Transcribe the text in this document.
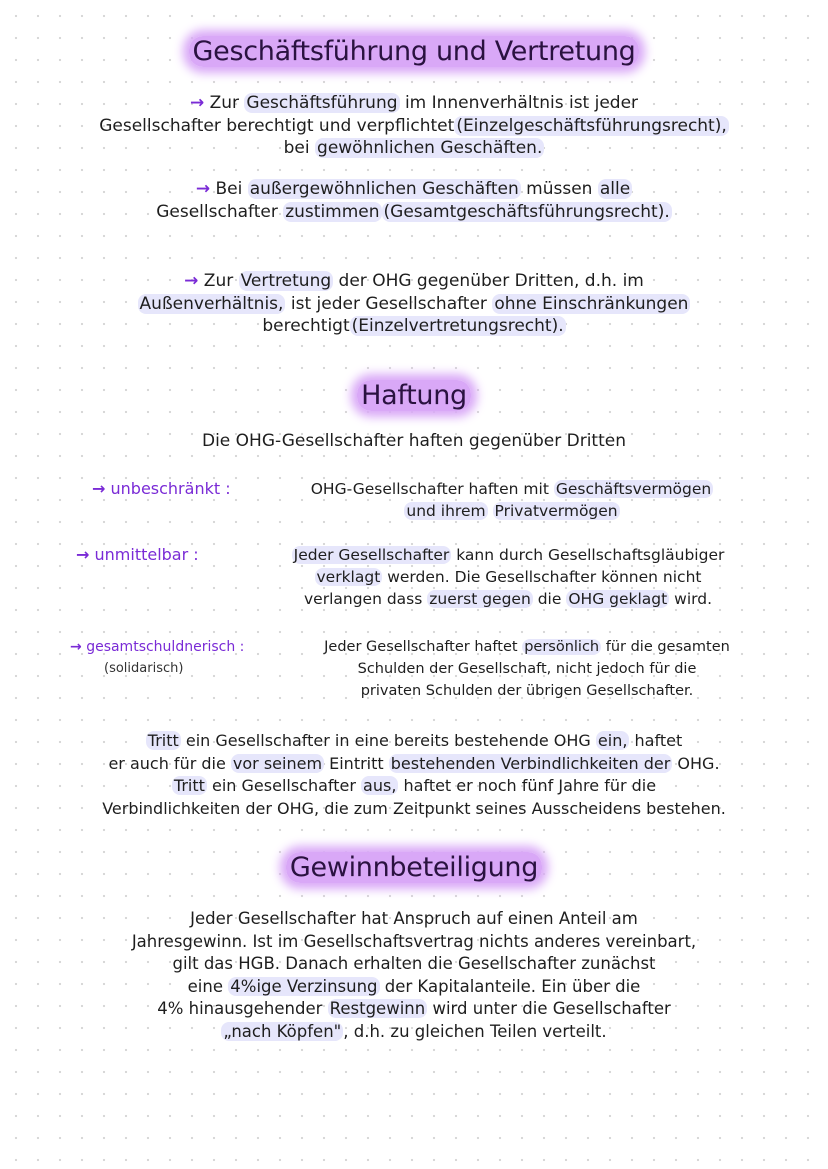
Geschäftsführung und Vertretung
→ Zur Geschäftsführung im Innenverhältnis ist jeder
Gesellschafter berechtigt und verpflichtet (Einzelgeschäftsführungsrecht),
bei gewöhnlichen Geschäften.
→ Bei außergewöhnlichen Geschäften müssen alle
Gesellschafter zustimmen (Gesamtgeschäftsführungsrecht).
→ Zur Vertretung der OHG gegenüber Dritten, d.h. im
Außenverhältnis, ist jeder Gesellschafter ohne Einschränkungen
berechtigt (Einzelvertretungsrecht).
Haftung
Die OHG-Gesellschafter haften gegenüber Dritten
→ unbeschränkt :	OHG-Gesellschafter haften mit Geschäftsvermögen
und ihrem Privatvermögen
→ unmittelbar :	Jeder Gesellschafter kann durch Gesellschaftsgläubiger
verklagt werden. Die Gesellschafter können nicht
verlangen dass zuerst gegen die OHG geklagt wird.
→ gesamtschuldnerisch :
(solidarisch)
Jeder Gesellschafter haftet persönlich für die gesamten
Schulden der Gesellschaft, nicht jedoch für die
privaten Schulden der übrigen Gesellschafter.
Tritt ein Gesellschafter in eine bereits bestehende OHG ein, haftet
er auch für die vor seinem Eintritt bestehenden Verbindlichkeiten der OHG.
Tritt ein Gesellschafter aus, haftet er noch fünf Jahre für die
Verbindlichkeiten der OHG, die zum Zeitpunkt seines Ausscheidens bestehen.
Gewinnbeteiligung
Jeder Gesellschafter hat Anspruch auf einen Anteil am
Jahresgewinn. Ist im Gesellschaftsvertrag nichts anderes vereinbart,
gilt das HGB. Danach erhalten die Gesellschafter zunächst
eine 4%ige Verzinsung der Kapitalanteile. Ein über die
4% hinausgehender Restgewinn wird unter die Gesellschafter
„nach Köpfen" , d.h. zu gleichen Teilen verteilt.
